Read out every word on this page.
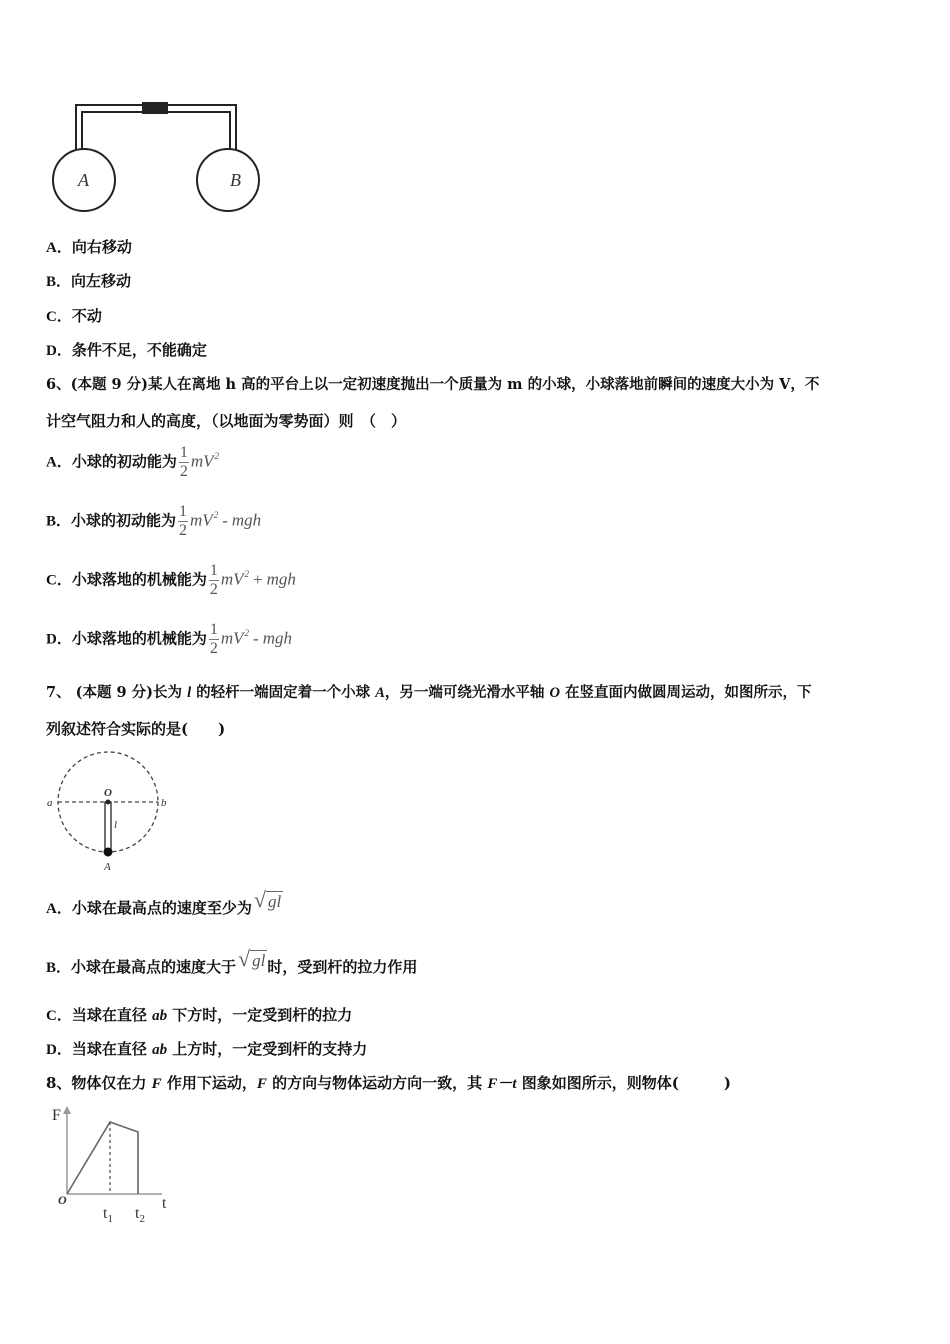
A	B
A．向右移动
B．向左移动
C．不动
D．条件不足，不能确定
6、(本题 9 分)某人在离地 h 高的平台上以一定初速度抛出一个质量为 m 的小球，小球落地前瞬间的速度大小为 V，不
计空气阻力和人的高度，（以地面为零势面）则　（　）
A．小球的初动能为 $\frac{1}{2} mV^2$
B．小球的初动能为 $\frac{1}{2} mV^2$ - mgh
C．小球落地的机械能为 $\frac{1}{2} mV^2$ + mgh
D．小球落地的机械能为 $\frac{1}{2} mV^2$ - mgh
7、 (本题 9 分)长为 l 的轻杆一端固定着一个小球 A，另一端可绕光滑水平轴 O 在竖直面内做圆周运动，如图所示，下
列叙述符合实际的是(　　)
a	b
O
l
A
A．小球在最高点的速度至少为√ gl
B．小球在最高点的速度大于√ gl 时，受到杆的拉力作用
C．当球在直径 ab 下方时，一定受到杆的拉力
D．当球在直径 ab 上方时，一定受到杆的支持力
8、物体仅在力 F 作用下运动，F 的方向与物体运动方向一致，其 F－t 图象如图所示，则物体(　　　)
F
t
O
$t_1$ $t_2$
